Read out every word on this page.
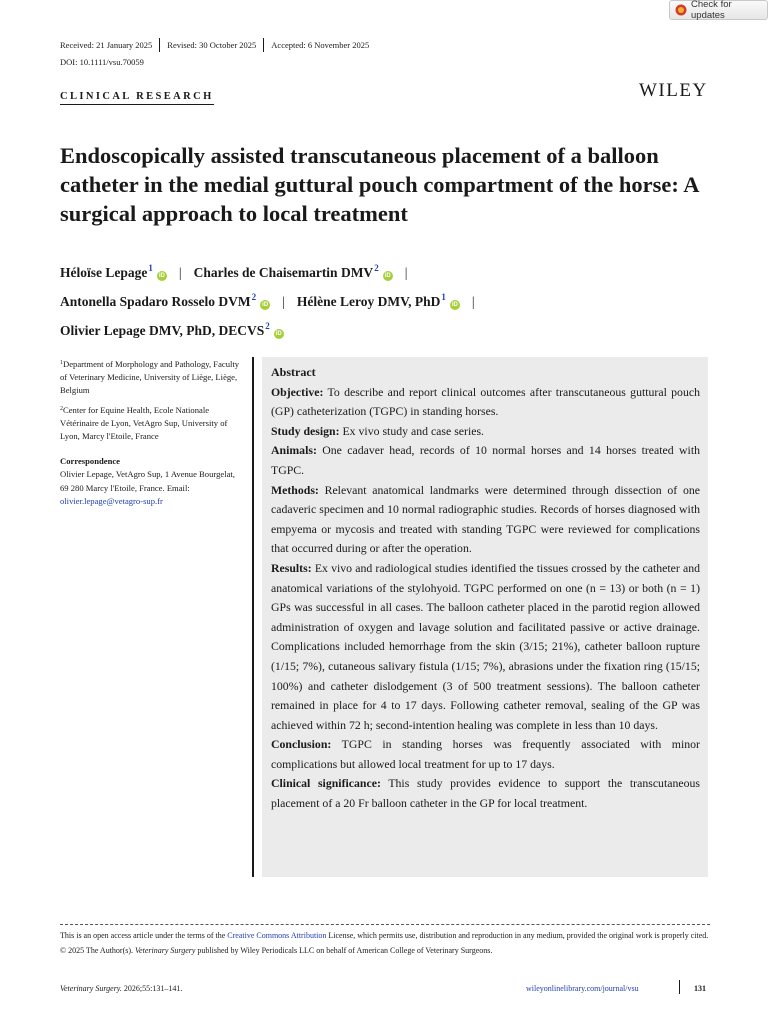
Check for updates
Received: 21 January 2025	Revised: 30 October 2025	Accepted: 6 November 2025
DOI: 10.1111/vsu.70059
CLINICAL RESEARCH	WILEY
Endoscopically assisted transcutaneous placement of a balloon catheter in the medial guttural pouch compartment of the horse: A surgical approach to local treatment
Héloïse Lepage$^1$iD | Charles de Chaisemartin DMV$^2$iD |
Antonella Spadaro Rosselo DVM$^2$iD | Hélène Leroy DMV, PhD$^1$iD |
Olivier Lepage DMV, PhD, DECVS$^2$iD

$^1$Department of Morphology and Pathology, Faculty of Veterinary Medicine, University of Liège, Liège, Belgium

$^2$Center for Equine Health, Ecole Nationale Vétérinaire de Lyon, VetAgro Sup, University of Lyon, Marcy l'Etoile, France

Correspondence

Olivier Lepage, VetAgro Sup, 1 Avenue Bourgelat, 69 280 Marcy l'Etoile, France. Email: olivier.lepage@vetagro-sup.fr

Abstract

Objective: To describe and report clinical outcomes after transcutaneous guttural pouch (GP) catheterization (TGPC) in standing horses.

Study design: Ex vivo study and case series.

Animals: One cadaver head, records of 10 normal horses and 14 horses treated with TGPC.

Methods: Relevant anatomical landmarks were determined through dissection of one cadaveric specimen and 10 normal radiographic studies. Records of horses diagnosed with empyema or mycosis and treated with standing TGPC were reviewed for complications that occurred during or after the operation.

Results: Ex vivo and radiological studies identified the tissues crossed by the catheter and anatomical variations of the stylohyoid. TGPC performed on one (n = 13) or both (n = 1) GPs was successful in all cases. The balloon catheter placed in the parotid region allowed administration of oxygen and lavage solution and facilitated passive or active drainage. Complications included hemorrhage from the skin (3/15; 21%), catheter balloon rupture (1/15; 7%), cutaneous salivary fistula (1/15; 7%), abrasions under the fixation ring (15/15; 100%) and catheter dislodgement (3 of 500 treatment sessions). The balloon catheter remained in place for 4 to 17 days. Following catheter removal, sealing of the GP was achieved within 72 h; second-intention healing was complete in less than 10 days.

Conclusion: TGPC in standing horses was frequently associated with minor complications but allowed local treatment for up to 17 days.

Clinical significance: This study provides evidence to support the transcutaneous placement of a 20 Fr balloon catheter in the GP for local treatment.

This is an open access article under the terms of the Creative Commons Attribution License, which permits use, distribution and reproduction in any medium, provided the original work is properly cited.
© 2025 The Author(s). Veterinary Surgery published by Wiley Periodicals LLC on behalf of American College of Veterinary Surgeons.
Veterinary Surgery. 2026;55:131–141.	wileyonlinelibrary.com/journal/vsu	131
